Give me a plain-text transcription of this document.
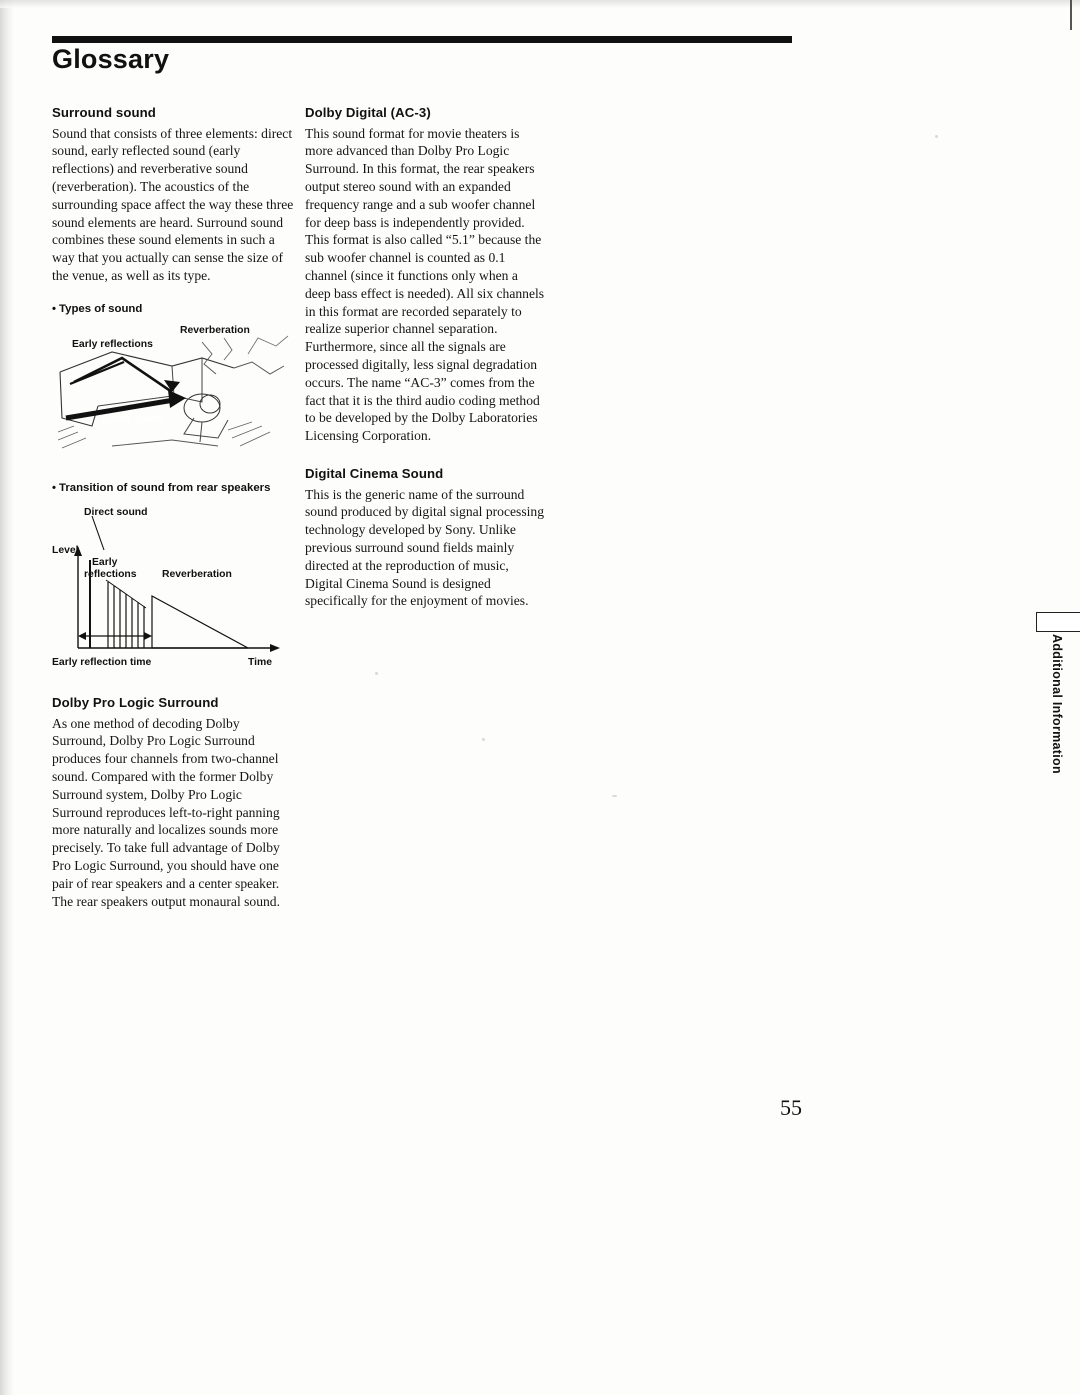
Glossary
Surround sound

Sound that consists of three elements: direct sound, early reflected sound (early reflections) and reverberative sound (reverberation). The acoustics of the surrounding space affect the way these three sound elements are heard. Surround sound combines these sound elements in such a way that you actually can sense the size of the venue, as well as its type.

• Types of sound
Early reflections
Reverberation
Direct sound
• Transition of sound from rear speakers
Direct sound
Level
Early
reflections Reverberation
Early reflection time	Time
Dolby Pro Logic Surround

As one method of decoding Dolby Surround, Dolby Pro Logic Surround produces four channels from two-channel sound. Compared with the former Dolby Surround system, Dolby Pro Logic Surround reproduces left-to-right panning more naturally and localizes sounds more precisely. To take full advantage of Dolby Pro Logic Surround, you should have one pair of rear speakers and a center speaker. The rear speakers output monaural sound.

Dolby Digital (AC-3)

This sound format for movie theaters is more advanced than Dolby Pro Logic Surround. In this format, the rear speakers output stereo sound with an expanded frequency range and a sub woofer channel for deep bass is independently provided. This format is also called “5.1” because the sub woofer channel is counted as 0.1 channel (since it functions only when a deep bass effect is needed). All six channels in this format are recorded separately to realize superior channel separation. Furthermore, since all the signals are processed digitally, less signal degradation occurs. The name “AC-3” comes from the fact that it is the third audio coding method to be developed by the Dolby Laboratories Licensing Corporation.

Digital Cinema Sound

This is the generic name of the surround sound produced by digital signal processing technology developed by Sony. Unlike previous surround sound fields mainly directed at the reproduction of music, Digital Cinema Sound is designed specifically for the enjoyment of movies.

Additional Information
55
